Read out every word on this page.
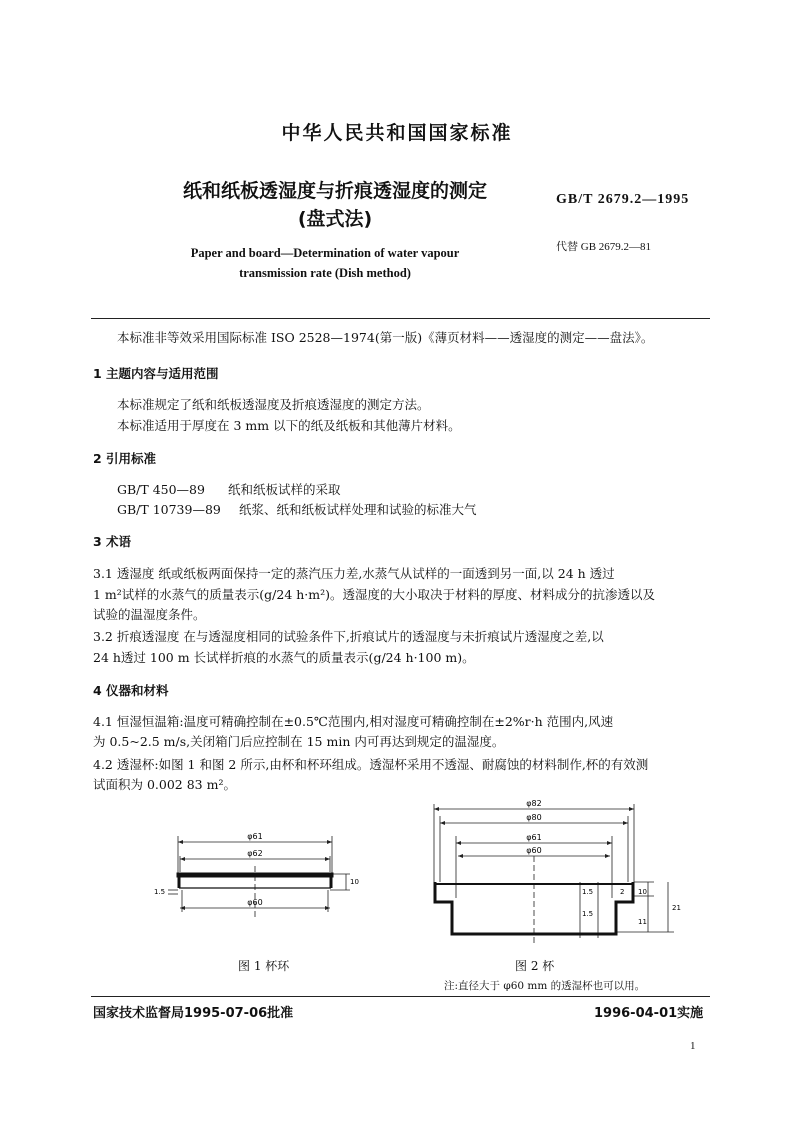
中华人民共和国国家标准
纸和纸板透湿度与折痕透湿度的测定
(盘式法)
Paper and board—Determination of water vapour
transmission rate (Dish method)
GB/T 2679.2—1995
代替 GB 2679.2—81
本标准非等效采用国际标准 ISO 2528—1974(第一版)《薄页材料——透湿度的测定——盘法》。
1 主题内容与适用范围
本标准规定了纸和纸板透湿度及折痕透湿度的测定方法。
本标准适用于厚度在 3 mm 以下的纸及纸板和其他薄片材料。
2 引用标准
GB/T 450—89 纸和纸板试样的采取
GB/T 10739—89 纸浆、纸和纸板试样处理和试验的标准大气
3 术语
3.1 透湿度 纸或纸板两面保持一定的蒸汽压力差,水蒸气从试样的一面透到另一面,以 24 h 透过
1 m²试样的水蒸气的质量表示(g/24 h·m²)。透湿度的大小取决于材料的厚度、材料成分的抗渗透以及
试验的温湿度条件。
3.2 折痕透湿度 在与透湿度相同的试验条件下,折痕试片的透湿度与未折痕试片透湿度之差,以
24 h透过 100 m 长试样折痕的水蒸气的质量表示(g/24 h·100 m)。
4 仪器和材料
4.1 恒湿恒温箱:温度可精确控制在±0.5℃范围内,相对湿度可精确控制在±2%r·h 范围内,风速
为 0.5~2.5 m/s,关闭箱门后应控制在 15 min 内可再达到规定的温湿度。
4.2 透湿杯:如图 1 和图 2 所示,由杯和杯环组成。透湿杯采用不透湿、耐腐蚀的材料制作,杯的有效测
试面积为 0.002 83 m²。
φ61
φ62
φ60
1.5
10
φ82
φ80
φ61
φ60
1.5
1.5
2 10
21
11
图 1 杯环	图 2 杯
注:直径大于 φ60 mm 的透湿杯也可以用。
国家技术监督局1995-07-06批准	1996-04-01实施
1
